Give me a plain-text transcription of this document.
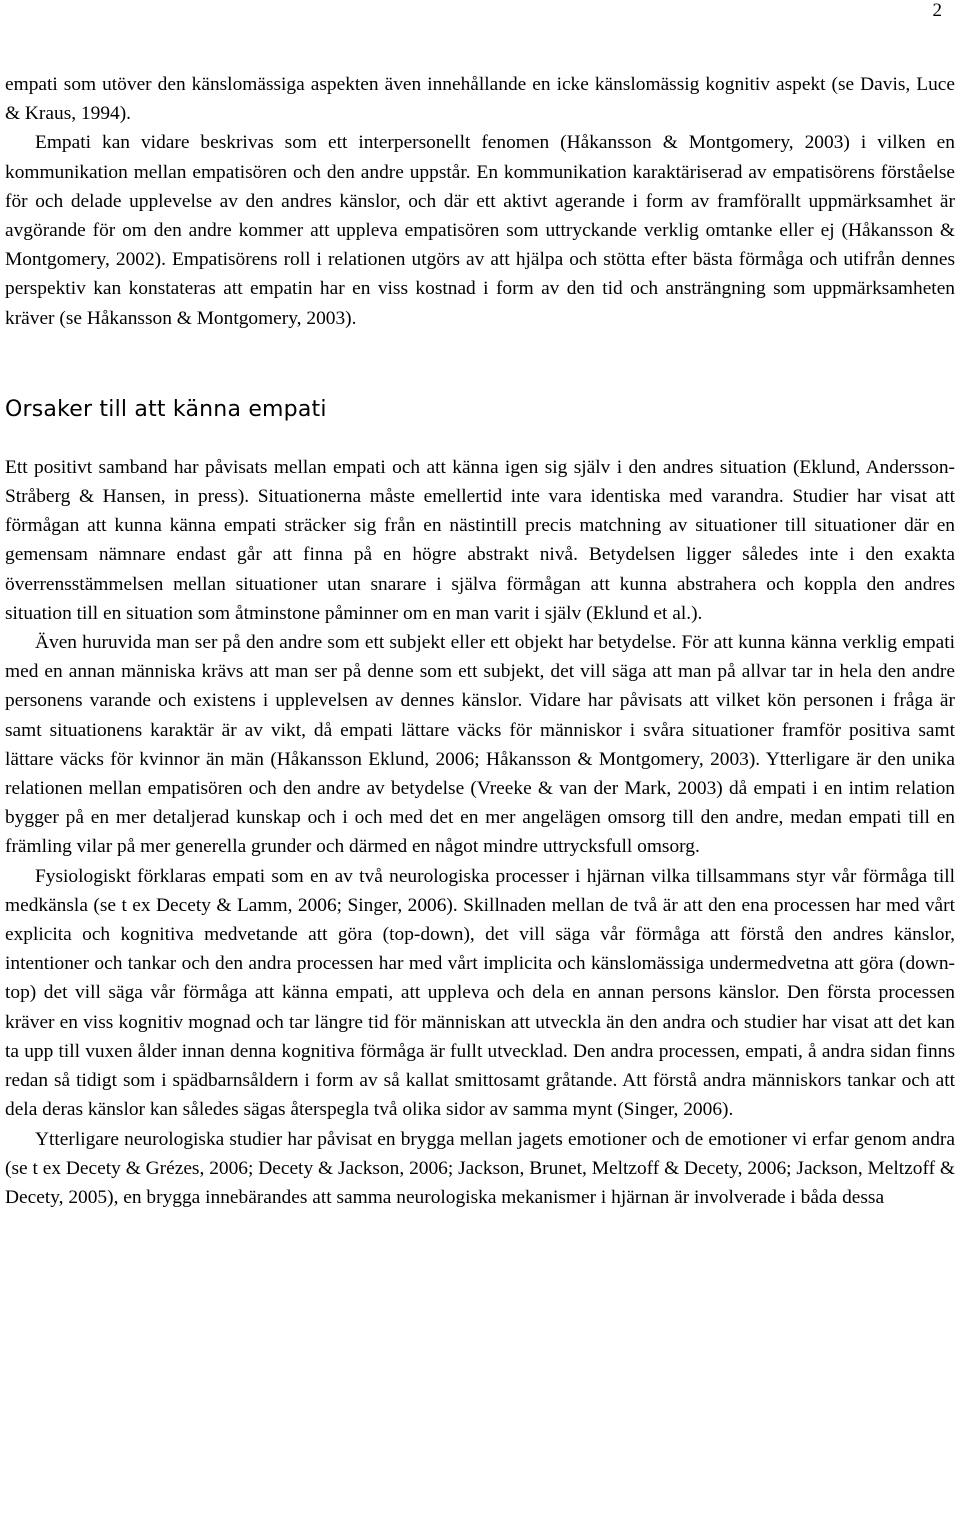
2

empati som utöver den känslomässiga aspekten även innehållande en icke känslomässig kognitiv aspekt (se Davis, Luce & Kraus, 1994).

Empati kan vidare beskrivas som ett interpersonellt fenomen (Håkansson & Montgomery, 2003) i vilken en kommunikation mellan empatisören och den andre uppstår. En kommunikation karaktäriserad av empatisörens förståelse för och delade upplevelse av den andres känslor, och där ett aktivt agerande i form av framförallt uppmärksamhet är avgörande för om den andre kommer att uppleva empatisören som uttryckande verklig omtanke eller ej (Håkansson & Montgomery, 2002). Empatisörens roll i relationen utgörs av att hjälpa och stötta efter bästa förmåga och utifrån dennes perspektiv kan konstateras att empatin har en viss kostnad i form av den tid och ansträngning som uppmärksamheten kräver (se Håkansson & Montgomery, 2003).

Orsaker till att känna empati

Ett positivt samband har påvisats mellan empati och att känna igen sig själv i den andres situation (Eklund, Andersson-Stråberg & Hansen, in press). Situationerna måste emellertid inte vara identiska med varandra. Studier har visat att förmågan att kunna känna empati sträcker sig från en nästintill precis matchning av situationer till situationer där en gemensam nämnare endast går att finna på en högre abstrakt nivå. Betydelsen ligger således inte i den exakta överrensstämmelsen mellan situationer utan snarare i själva förmågan att kunna abstrahera och koppla den andres situation till en situation som åtminstone påminner om en man varit i själv (Eklund et al.).

Även huruvida man ser på den andre som ett subjekt eller ett objekt har betydelse. För att kunna känna verklig empati med en annan människa krävs att man ser på denne som ett subjekt, det vill säga att man på allvar tar in hela den andre personens varande och existens i upplevelsen av dennes känslor. Vidare har påvisats att vilket kön personen i fråga är samt situationens karaktär är av vikt, då empati lättare väcks för människor i svåra situationer framför positiva samt lättare väcks för kvinnor än män (Håkansson Eklund, 2006; Håkansson & Montgomery, 2003). Ytterligare är den unika relationen mellan empatisören och den andre av betydelse (Vreeke & van der Mark, 2003) då empati i en intim relation bygger på en mer detaljerad kunskap och i och med det en mer angelägen omsorg till den andre, medan empati till en främling vilar på mer generella grunder och därmed en något mindre uttrycksfull omsorg.

Fysiologiskt förklaras empati som en av två neurologiska processer i hjärnan vilka tillsammans styr vår förmåga till medkänsla (se t ex Decety & Lamm, 2006; Singer, 2006). Skillnaden mellan de två är att den ena processen har med vårt explicita och kognitiva medvetande att göra (top-down), det vill säga vår förmåga att förstå den andres känslor, intentioner och tankar och den andra processen har med vårt implicita och känslomässiga undermedvetna att göra (down-top) det vill säga vår förmåga att känna empati, att uppleva och dela en annan persons känslor. Den första processen kräver en viss kognitiv mognad och tar längre tid för människan att utveckla än den andra och studier har visat att det kan ta upp till vuxen ålder innan denna kognitiva förmåga är fullt utvecklad. Den andra processen, empati, å andra sidan finns redan så tidigt som i spädbarnsåldern i form av så kallat smittosamt gråtande. Att förstå andra människors tankar och att dela deras känslor kan således sägas återspegla två olika sidor av samma mynt (Singer, 2006).

Ytterligare neurologiska studier har påvisat en brygga mellan jagets emotioner och de emotioner vi erfar genom andra (se t ex Decety & Grézes, 2006; Decety & Jackson, 2006; Jackson, Brunet, Meltzoff & Decety, 2006; Jackson, Meltzoff & Decety, 2005), en brygga innebärandes att samma neurologiska mekanismer i hjärnan är involverade i båda dessa
